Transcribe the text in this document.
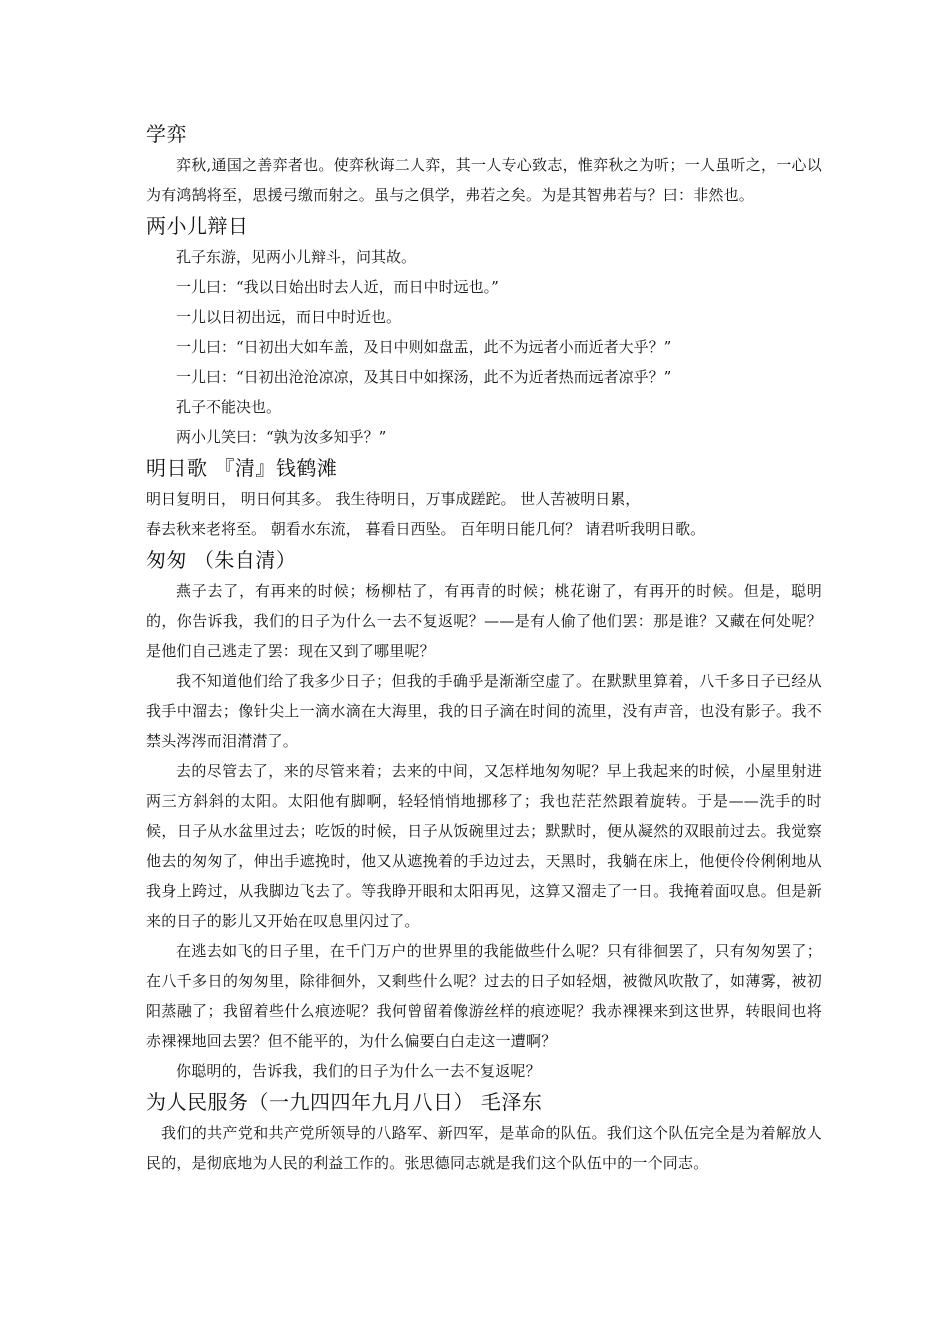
学弈

弈秋,通国之善弈者也。使弈秋诲二人弈，其一人专心致志，惟弈秋之为听；一人虽听之，一心以为有鸿鹄将至，思援弓缴而射之。虽与之俱学，弗若之矣。为是其智弗若与？曰：非然也。

两小儿辩日

孔子东游，见两小儿辩斗，问其故。

一儿曰：“我以日始出时去人近，而日中时远也。”

一儿以日初出远，而日中时近也。

一儿曰：“日初出大如车盖，及日中则如盘盂，此不为远者小而近者大乎？”

一儿曰：“日初出沧沧凉凉，及其日中如探汤，此不为近者热而远者凉乎？”

孔子不能决也。

两小儿笑曰：“孰为汝多知乎？”

明日歌 『清』钱鹤滩

明日复明日， 明日何其多。 我生待明日，万事成蹉跎。 世人苦被明日累，

春去秋来老将至。 朝看水东流， 暮看日西坠。 百年明日能几何？ 请君听我明日歌。

匆匆 （朱自清）

燕子去了，有再来的时候；杨柳枯了，有再青的时候；桃花谢了，有再开的时候。但是，聪明的，你告诉我，我们的日子为什么一去不复返呢？——是有人偷了他们罢：那是谁？又藏在何处呢？是他们自己逃走了罢：现在又到了哪里呢？

我不知道他们给了我多少日子；但我的手确乎是渐渐空虚了。在默默里算着，八千多日子已经从我手中溜去；像针尖上一滴水滴在大海里，我的日子滴在时间的流里，没有声音，也没有影子。我不禁头涔涔而泪潸潸了。

去的尽管去了，来的尽管来着；去来的中间，又怎样地匆匆呢？早上我起来的时候，小屋里射进两三方斜斜的太阳。太阳他有脚啊，轻轻悄悄地挪移了；我也茫茫然跟着旋转。于是——洗手的时候，日子从水盆里过去；吃饭的时候，日子从饭碗里过去；默默时，便从凝然的双眼前过去。我觉察他去的匆匆了，伸出手遮挽时，他又从遮挽着的手边过去，天黑时，我躺在床上，他便伶伶俐俐地从我身上跨过，从我脚边飞去了。等我睁开眼和太阳再见，这算又溜走了一日。我掩着面叹息。但是新来的日子的影儿又开始在叹息里闪过了。

在逃去如飞的日子里，在千门万户的世界里的我能做些什么呢？只有徘徊罢了，只有匆匆罢了；在八千多日的匆匆里，除徘徊外，又剩些什么呢？过去的日子如轻烟，被微风吹散了，如薄雾，被初阳蒸融了；我留着些什么痕迹呢？我何曾留着像游丝样的痕迹呢？我赤裸裸来到这世界，转眼间也将赤裸裸地回去罢？但不能平的，为什么偏要白白走这一遭啊？

你聪明的，告诉我，我们的日子为什么一去不复返呢？

为人民服务（一九四四年九月八日） 毛泽东

我们的共产党和共产党所领导的八路军、新四军，是革命的队伍。我们这个队伍完全是为着解放人民的，是彻底地为人民的利益工作的。张思德同志就是我们这个队伍中的一个同志。
